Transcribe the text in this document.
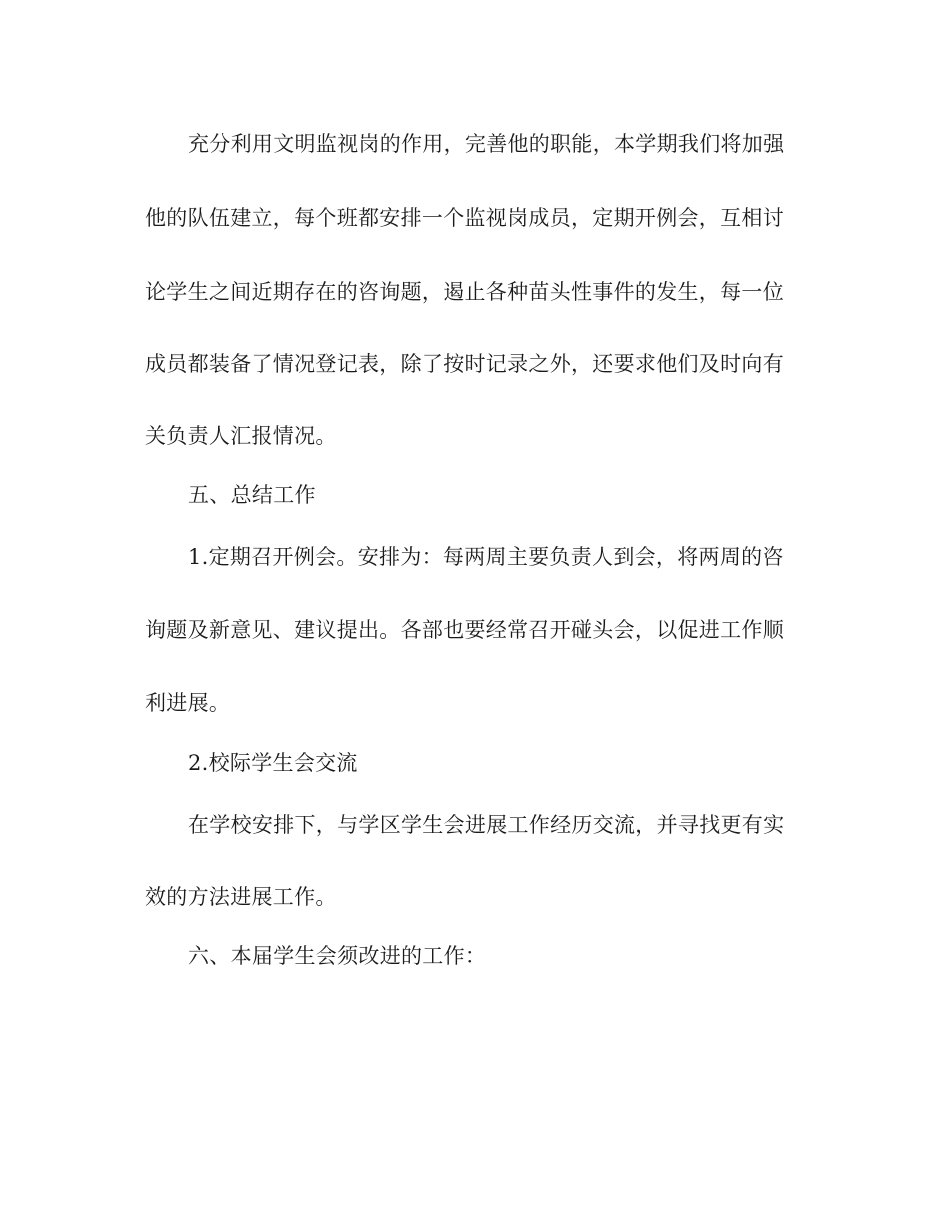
充分利用文明监视岗的作用，完善他的职能，本学期我们将加强
他的队伍建立，每个班都安排一个监视岗成员，定期开例会，互相讨
论学生之间近期存在的咨询题，遏止各种苗头性事件的发生，每一位
成员都装备了情况登记表，除了按时记录之外，还要求他们及时向有
关负责人汇报情况。
五、总结工作
1.定期召开例会。安排为：每两周主要负责人到会，将两周的咨
询题及新意见、建议提出。各部也要经常召开碰头会，以促进工作顺
利进展。
2.校际学生会交流
在学校安排下，与学区学生会进展工作经历交流，并寻找更有实
效的方法进展工作。
六、本届学生会须改进的工作：
